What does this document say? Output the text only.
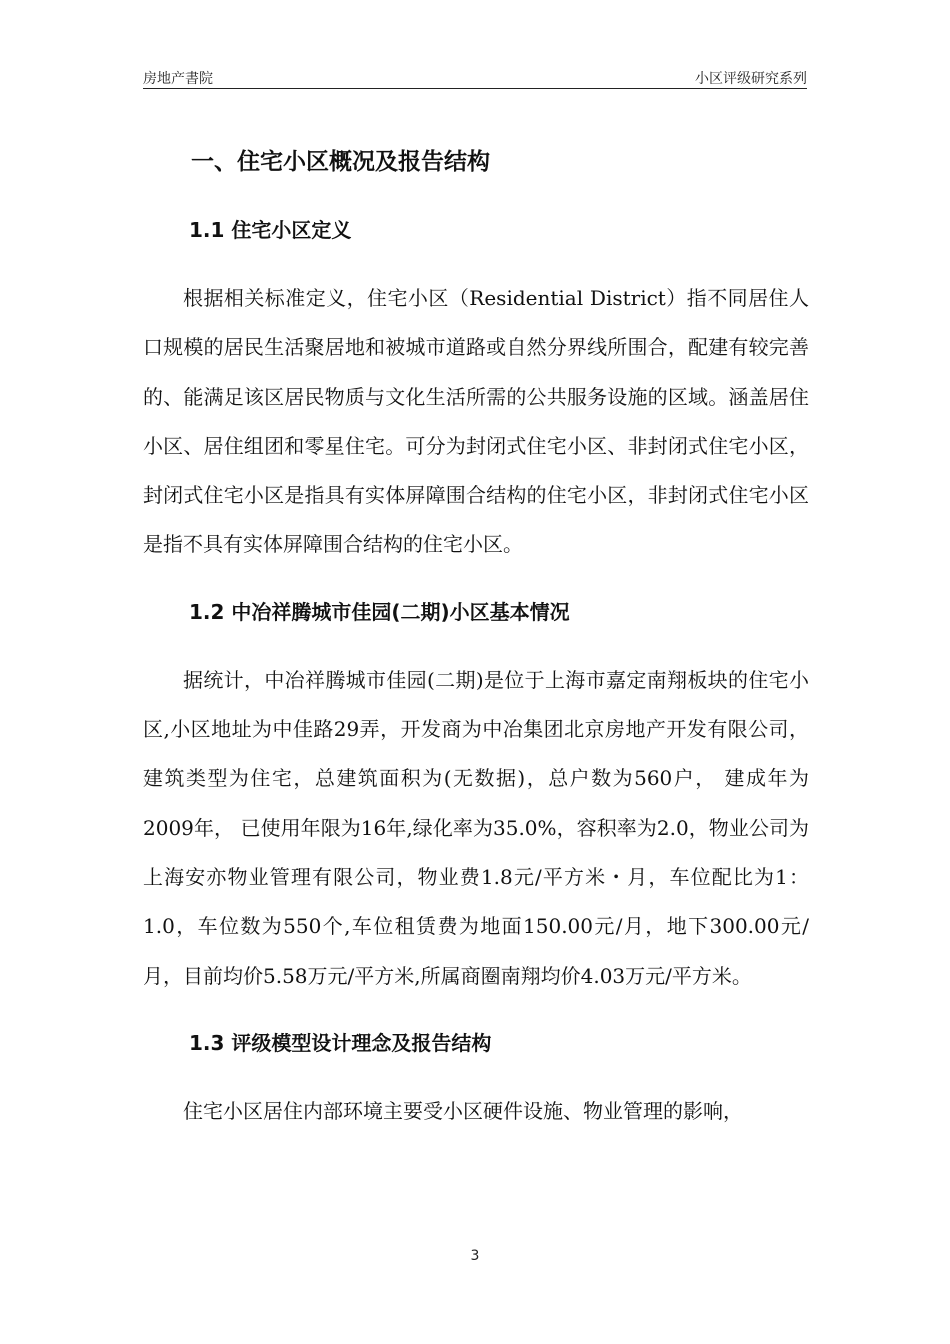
房地产書院	小区评级研究系列
一、住宅小区概况及报告结构
1.1 住宅小区定义

根据相关标准定义，住宅小区（Residential District）指不同居住人口规模的居民生活聚居地和被城市道路或自然分界线所围合，配建有较完善的、能满足该区居民物质与文化生活所需的公共服务设施的区域。涵盖居住小区、居住组团和零星住宅。可分为封闭式住宅小区、非封闭式住宅小区，封闭式住宅小区是指具有实体屏障围合结构的住宅小区，非封闭式住宅小区是指不具有实体屏障围合结构的住宅小区。

1.2 中冶祥腾城市佳园(二期)小区基本情况

据统计，中冶祥腾城市佳园(二期)是位于上海市嘉定南翔板块的住宅小区,小区地址为中佳路29弄，开发商为中冶集团北京房地产开发有限公司，建筑类型为住宅，总建筑面积为(无数据)，总户数为560户， 建成年为2009年， 已使用年限为16年,绿化率为35.0%，容积率为2.0，物业公司为上海安亦物业管理有限公司，物业费1.8元/平方米・月，车位配比为1：1.0，车位数为550个,车位租赁费为地面150.00元/月，地下300.00元/月，目前均价5.58万元/平方米,所属商圈南翔均价4.03万元/平方米。

1.3 评级模型设计理念及报告结构

住宅小区居住内部环境主要受小区硬件设施、物业管理的影响，

3
